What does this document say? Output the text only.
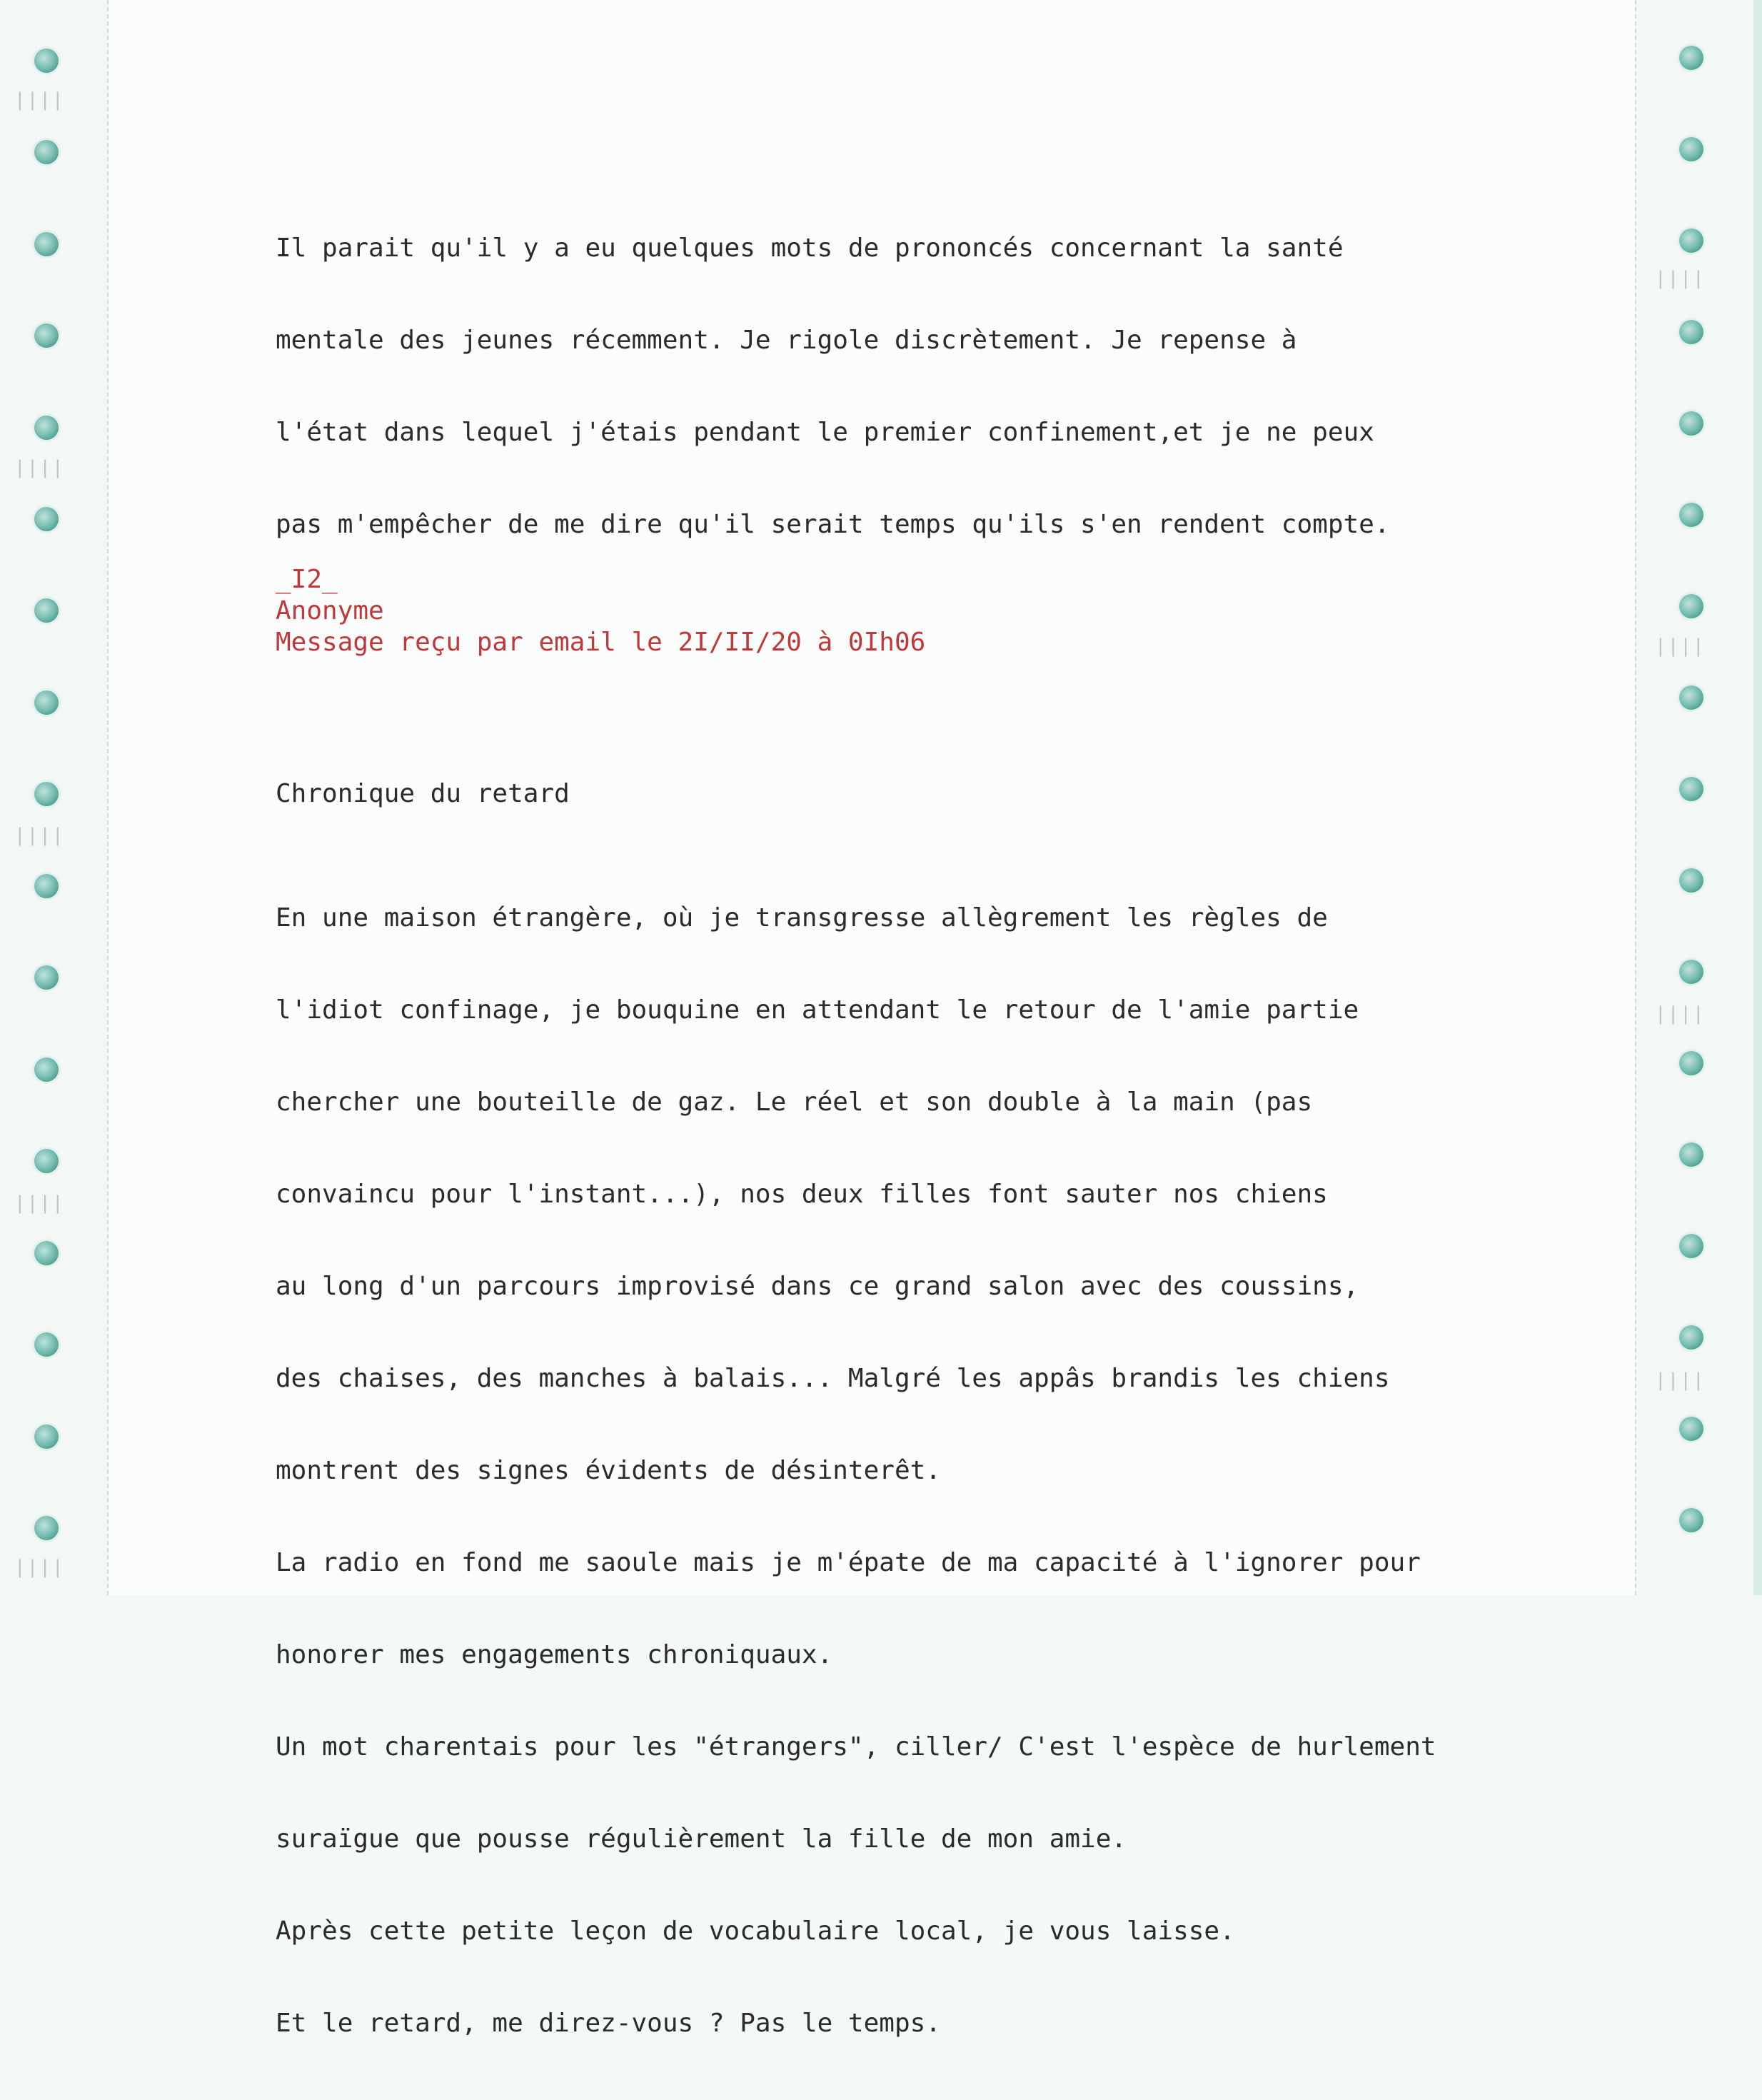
||||
||||
||||
||||
||||
||||
||||
||||
||||

Il parait qu'il y a eu quelques mots de prononcés concernant la santé

mentale des jeunes récemment. Je rigole discrètement. Je repense à

l'état dans lequel j'étais pendant le premier confinement,et je ne peux

pas m'empêcher de me dire qu'il serait temps qu'ils s'en rendent compte.

_I2_
Anonyme
Message reçu par email le 2I/II/20 à 0Ih06
Chronique du retard

En une maison étrangère, où je transgresse allègrement les règles de

l'idiot confinage, je bouquine en attendant le retour de l'amie partie

chercher une bouteille de gaz. Le réel et son double à la main (pas

convaincu pour l'instant...), nos deux filles font sauter nos chiens

au long d'un parcours improvisé dans ce grand salon avec des coussins,

des chaises, des manches à balais... Malgré les appâs brandis les chiens

montrent des signes évidents de désinterêt.

La radio en fond me saoule mais je m'épate de ma capacité à l'ignorer pour

honorer mes engagements chroniquaux.

Un mot charentais pour les "étrangers", ciller/ C'est l'espèce de hurlement

suraïgue que pousse régulièrement la fille de mon amie.

Après cette petite leçon de vocabulaire local, je vous laisse.

Et le retard, me direz-vous ? Pas le temps.
